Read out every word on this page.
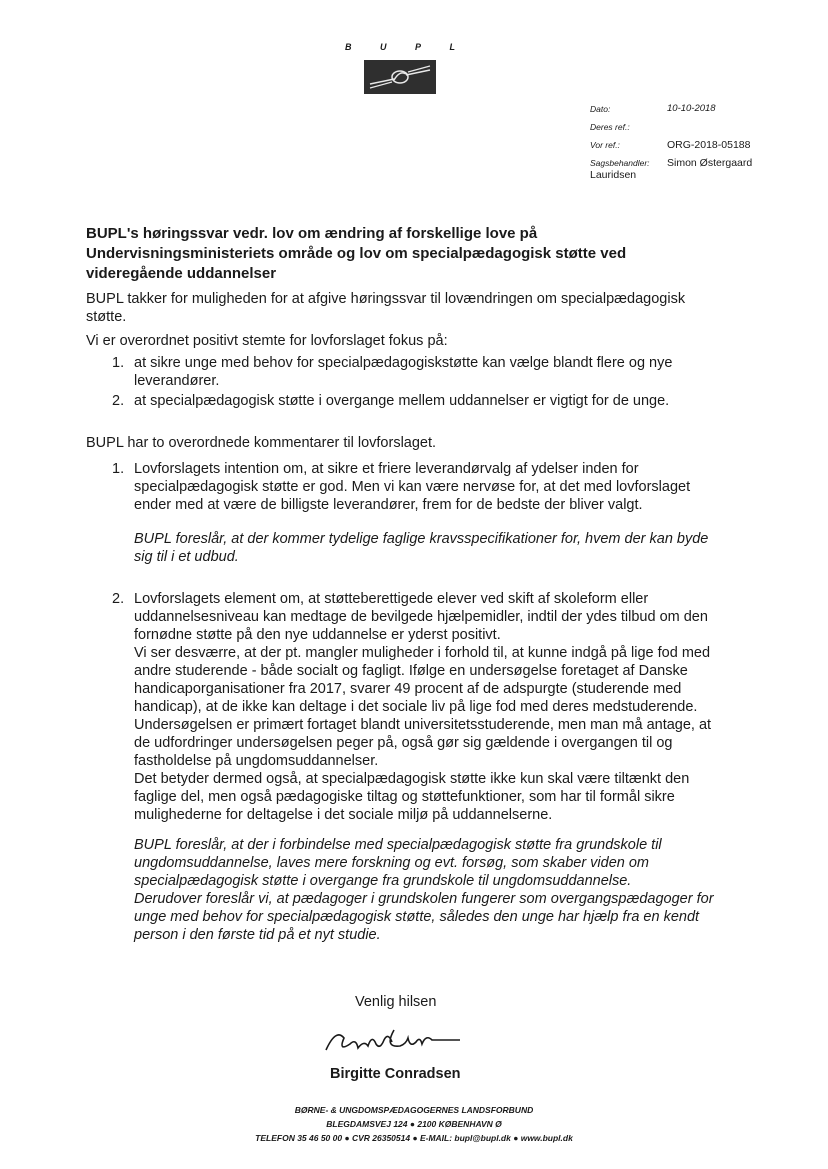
B	U	P	L
Dato:	10-10-2018
Deres ref.:
Vor ref.:	ORG-2018-05188
Sagsbehandler:	Simon Østergaard
Lauridsen
BUPL's høringssvar vedr. lov om ændring af forskellige love på Undervisningsministeriets område og lov om specialpædagogisk støtte ved videregående uddannelser
BUPL takker for muligheden for at afgive høringssvar til lovændringen om specialpædagogisk støtte.
Vi er overordnet positivt stemte for lovforslaget fokus på:
1. at sikre unge med behov for specialpædagogiskstøtte kan vælge blandt flere og nye leverandører.
2. at specialpædagogisk støtte i overgange mellem uddannelser er vigtigt for de unge.
BUPL har to overordnede kommentarer til lovforslaget.
1. Lovforslagets intention om, at sikre et friere leverandørvalg af ydelser inden for specialpædagogisk støtte er god. Men vi kan være nervøse for, at det med lovforslaget ender med at være de billigste leverandører, frem for de bedste der bliver valgt.
BUPL foreslår, at der kommer tydelige faglige kravsspecifikationer for, hvem der kan byde sig til i et udbud.
2. Lovforslagets element om, at støtteberettigede elever ved skift af skoleform eller uddannelsesniveau kan medtage de bevilgede hjælpemidler, indtil der ydes tilbud om den fornødne støtte på den nye uddannelse er yderst positivt.
Vi ser desværre, at der pt. mangler muligheder i forhold til, at kunne indgå på lige fod med andre studerende - både socialt og fagligt. Ifølge en undersøgelse foretaget af Danske handicaporganisationer fra 2017, svarer 49 procent af de adspurgte (studerende med handicap), at de ikke kan deltage i det sociale liv på lige fod med deres medstuderende. Undersøgelsen er primært fortaget blandt universitetsstuderende, men man må antage, at de udfordringer undersøgelsen peger på, også gør sig gældende i overgangen til og fastholdelse på ungdomsuddannelser.
Det betyder dermed også, at specialpædagogisk støtte ikke kun skal være tiltænkt den faglige del, men også pædagogiske tiltag og støttefunktioner, som har til formål sikre mulighederne for deltagelse i det sociale miljø på uddannelserne.
BUPL foreslår, at der i forbindelse med specialpædagogisk støtte fra grundskole til ungdomsuddannelse, laves mere forskning og evt. forsøg, som skaber viden om specialpædagogisk støtte i overgange fra grundskole til ungdomsuddannelse.
Derudover foreslår vi, at pædagoger i grundskolen fungerer som overgangspædagoger for unge med behov for specialpædagogisk støtte, således den unge har hjælp fra en kendt person i den første tid på et nyt studie.
Venlig hilsen
Birgitte Conradsen
BØRNE- & UNGDOMSPÆDAGOGERNES LANDSFORBUND
BLEGDAMSVEJ 124 ● 2100 KØBENHAVN Ø
TELEFON 35 46 50 00 ● CVR 26350514 ● E-MAIL: bupl@bupl.dk ● www.bupl.dk
